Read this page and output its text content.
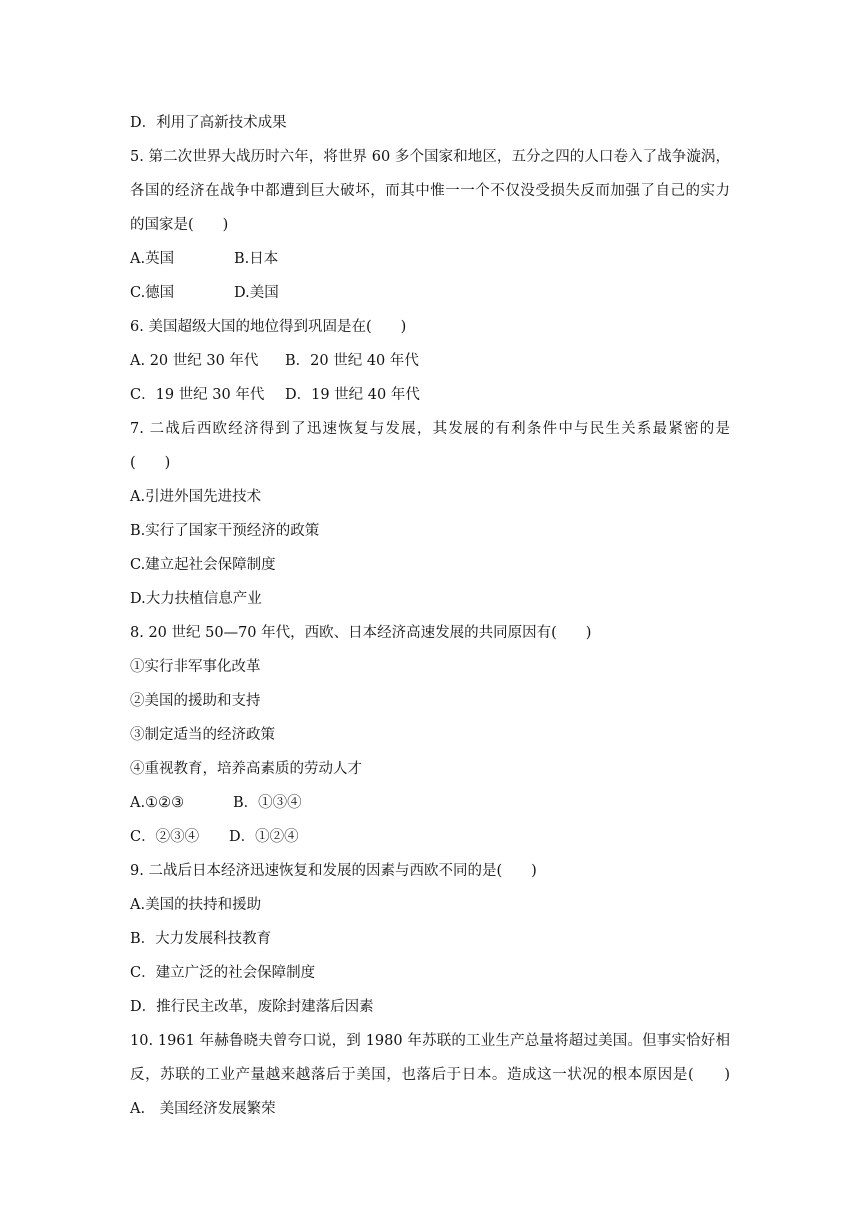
D．利用了高新技术成果
5. 第二次世界大战历时六年，将世界 60 多个国家和地区，五分之四的人口卷入了战争漩涡，
各国的经济在战争中都遭到巨大破坏，而其中惟一一个不仅没受损失反而加强了自己的实力
的国家是(　　)
A.英国	B.日本
C.德国	D.美国
6. 美国超级大国的地位得到巩固是在(　　)
A. 20 世纪 30 年代	B．20 世纪 40 年代
C．19 世纪 30 年代	D．19 世纪 40 年代
7. 二战后西欧经济得到了迅速恢复与发展，其发展的有利条件中与民生关系最紧密的是
(　　)
A.引进外国先进技术
B.实行了国家干预经济的政策
C.建立起社会保障制度
D.大力扶植信息产业
8. 20 世纪 50—70 年代，西欧、日本经济高速发展的共同原因有(　　)
①实行非军事化改革
②美国的援助和支持
③制定适当的经济政策
④重视教育，培养高素质的劳动人才
A.①②③	B．①③④
C．②③④	D．①②④
9. 二战后日本经济迅速恢复和发展的因素与西欧不同的是(　　)
A.美国的扶持和援助
B．大力发展科技教育
C．建立广泛的社会保障制度
D．推行民主改革，废除封建落后因素
10. 1961 年赫鲁晓夫曾夸口说，到 1980 年苏联的工业生产总量将超过美国。但事实恰好相
反，苏联的工业产量越来越落后于美国，也落后于日本。造成这一状况的根本原因是(　　)
A.　美国经济发展繁荣
